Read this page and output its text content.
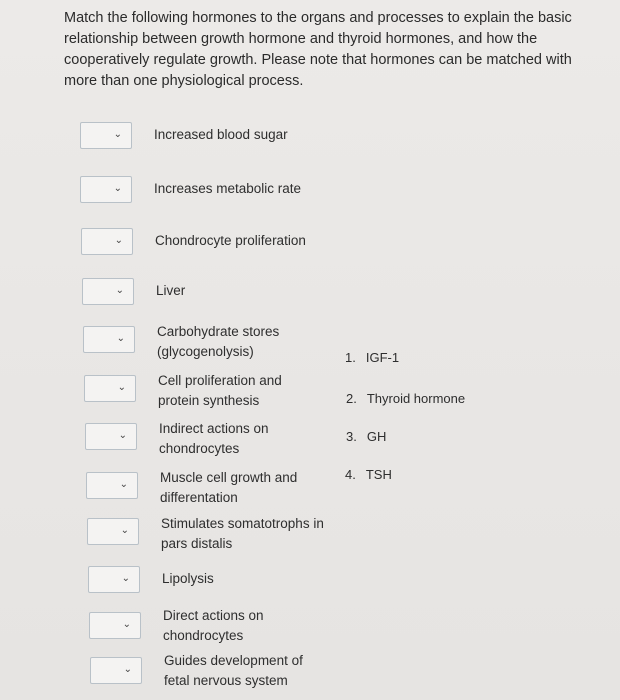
Match the following hormones to the organs and processes to explain the basic relationship between growth hormone and thyroid hormones, and how the cooperatively regulate growth. Please note that hormones can be matched with more than one physiological process.
⌄ Increased blood sugar
⌄ Increases metabolic rate
⌄ Chondrocyte proliferation
⌄ Liver
⌄ Carbohydrate stores
(glycogenolysis)
⌄ Cell proliferation and
protein synthesis
⌄ Indirect actions on
chondrocytes
⌄ Muscle cell growth and
differentation
⌄ Stimulates somatotrophs in
pars distalis
⌄ Lipolysis
⌄
Direct actions on
chondrocytes
⌄
Guides development of
fetal nervous system
1. IGF-1
2. Thyroid hormone
3. GH
4. TSH
